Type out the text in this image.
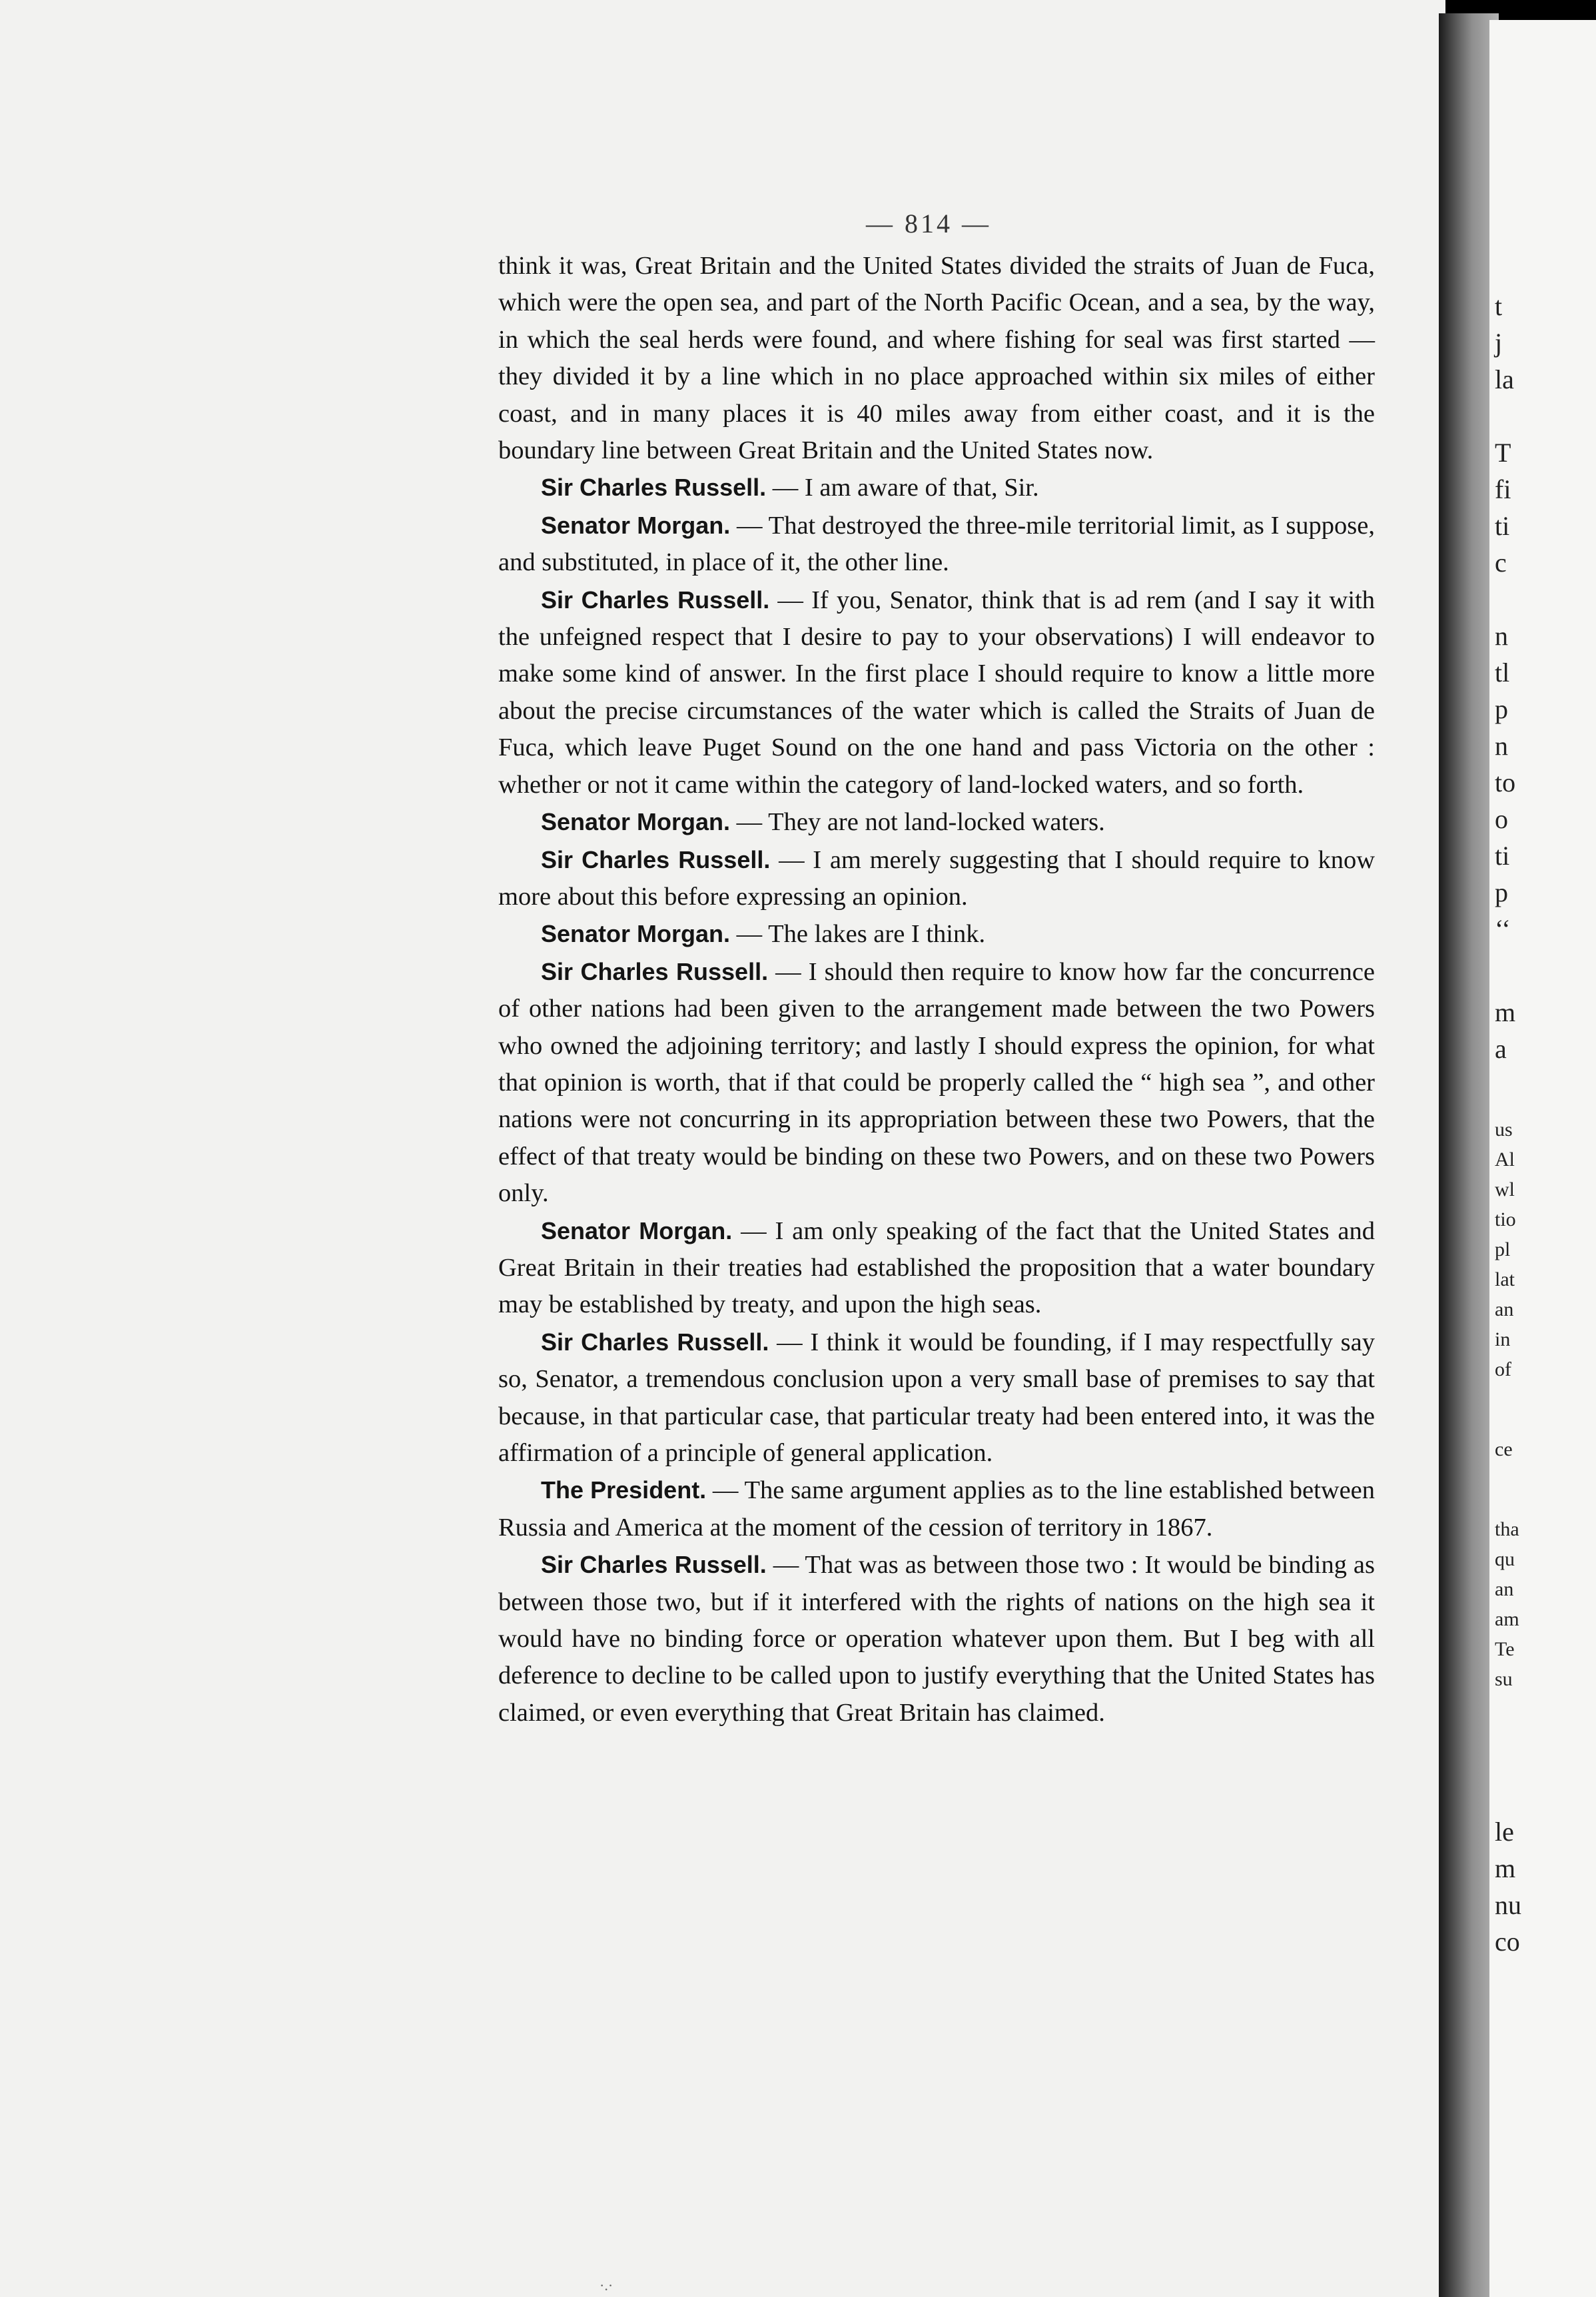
— 814 —

think it was, Great Britain and the United States divided the straits of Juan de Fuca, which were the open sea, and part of the North Pacific Ocean, and a sea, by the way, in which the seal herds were found, and where fishing for seal was first started — they divided it by a line which in no place approached within six miles of either coast, and in many places it is 40 miles away from either coast, and it is the boundary line between Great Britain and the United States now.

Sir Charles Russell. — I am aware of that, Sir.

Senator Morgan. — That destroyed the three-mile territorial limit, as I suppose, and substituted, in place of it, the other line.

Sir Charles Russell. — If you, Senator, think that is ad rem (and I say it with the unfeigned respect that I desire to pay to your observations) I will endeavor to make some kind of answer. In the first place I should require to know a little more about the precise circumstances of the water which is called the Straits of Juan de Fuca, which leave Puget Sound on the one hand and pass Victoria on the other : whether or not it came within the category of land-locked waters, and so forth.

Senator Morgan. — They are not land-locked waters.

Sir Charles Russell. — I am merely suggesting that I should require to know more about this before expressing an opinion.

Senator Morgan. — The lakes are I think.

Sir Charles Russell. — I should then require to know how far the concurrence of other nations had been given to the arrangement made between the two Powers who owned the adjoining territory; and lastly I should express the opinion, for what that opinion is worth, that if that could be properly called the “ high sea ”, and other nations were not concurring in its appropriation between these two Powers, that the effect of that treaty would be binding on these two Powers, and on these two Powers only.

Senator Morgan. — I am only speaking of the fact that the United States and Great Britain in their treaties had established the proposition that a water boundary may be established by treaty, and upon the high seas.

Sir Charles Russell. — I think it would be founding, if I may respectfully say so, Senator, a tremendous conclusion upon a very small base of premises to say that because, in that particular case, that particular treaty had been entered into, it was the affirmation of a principle of general application.

The President. — The same argument applies as to the line established between Russia and America at the moment of the cession of territory in 1867.

Sir Charles Russell. — That was as between those two : It would be binding as between those two, but if it interfered with the rights of nations on the high sea it would have no binding force or operation whatever upon them. But I beg with all deference to decline to be called upon to justify everything that the United States has claimed, or even everything that Great Britain has claimed.

·.·
t
j
la
T
fi
ti
c
n
tl
p
n
to
o
ti
p
‘‘
m
a
us
Al
wl
tio
pl
lat
an
in
of
ce
tha
qu
an
am
Te
su
le
m
nu
co
